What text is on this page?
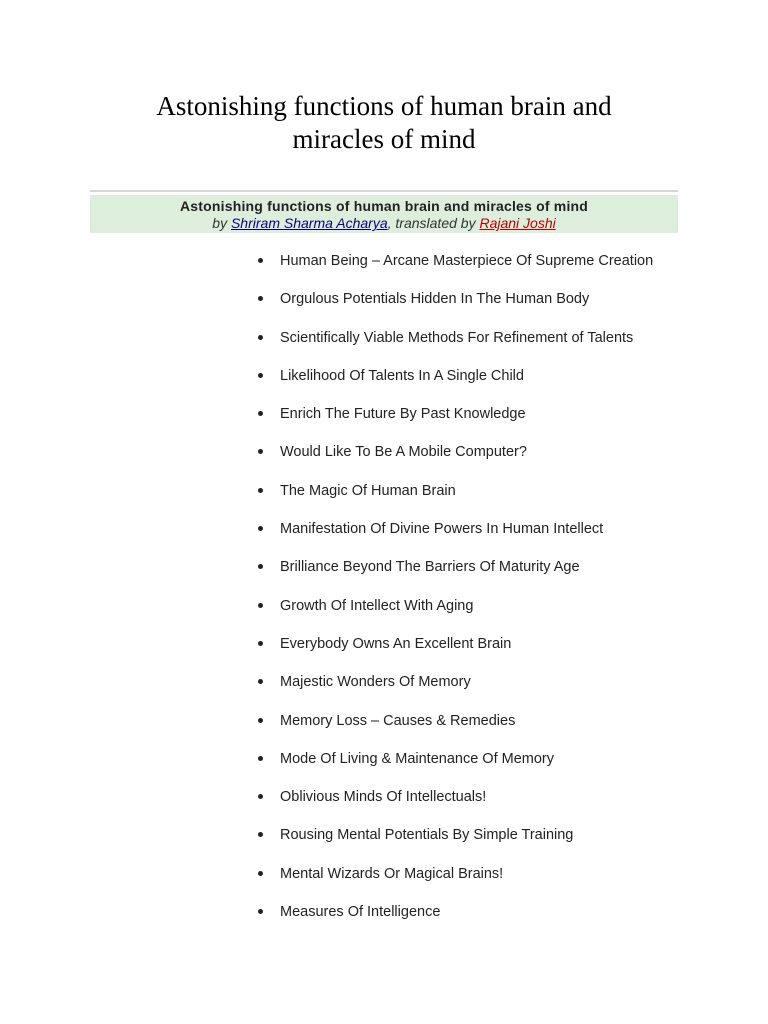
Astonishing functions of human brain and
miracles of mind
Astonishing functions of human brain and miracles of mind
by Shriram Sharma Acharya, translated by Rajani Joshi
Human Being – Arcane Masterpiece Of Supreme Creation
Orgulous Potentials Hidden In The Human Body
Scientifically Viable Methods For Refinement of Talents
Likelihood Of Talents In A Single Child
Enrich The Future By Past Knowledge
Would Like To Be A Mobile Computer?
The Magic Of Human Brain
Manifestation Of Divine Powers In Human Intellect
Brilliance Beyond The Barriers Of Maturity Age
Growth Of Intellect With Aging
Everybody Owns An Excellent Brain
Majestic Wonders Of Memory
Memory Loss – Causes & Remedies
Mode Of Living & Maintenance Of Memory
Oblivious Minds Of Intellectuals!
Rousing Mental Potentials By Simple Training
Mental Wizards Or Magical Brains!
Measures Of Intelligence
